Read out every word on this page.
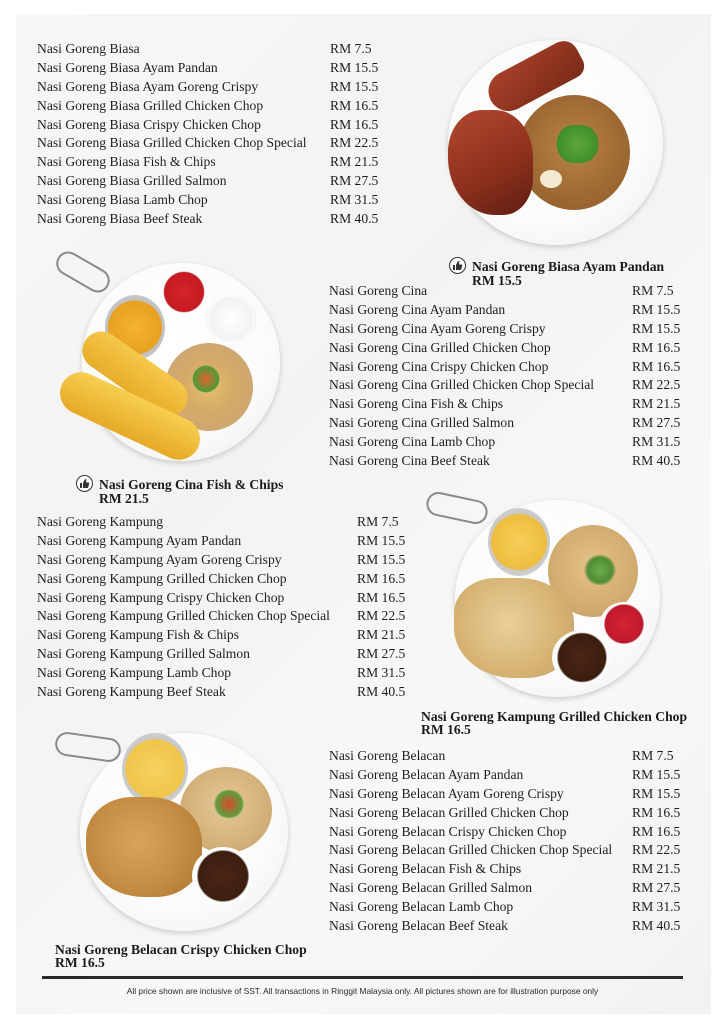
Nasi Goreng Biasa	RM 7.5
Nasi Goreng Biasa Ayam Pandan	RM 15.5
Nasi Goreng Biasa Ayam Goreng Crispy	RM 15.5
Nasi Goreng Biasa Grilled Chicken Chop	RM 16.5
Nasi Goreng Biasa Crispy Chicken Chop	RM 16.5
Nasi Goreng Biasa Grilled Chicken Chop Special RM 22.5
Nasi Goreng Biasa Fish & Chips	RM 21.5
Nasi Goreng Biasa Grilled Salmon	RM 27.5
Nasi Goreng Biasa Lamb Chop	RM 31.5
Nasi Goreng Biasa Beef Steak	RM 40.5
Nasi Goreng Biasa Ayam Pandan
RM 15.5
Nasi Goreng Cina Fish & Chips
RM 21.5
Nasi Goreng Cina	RM 7.5
Nasi Goreng Cina Ayam Pandan	RM 15.5
Nasi Goreng Cina Ayam Goreng Crispy	RM 15.5
Nasi Goreng Cina Grilled Chicken Chop	RM 16.5
Nasi Goreng Cina Crispy Chicken Chop	RM 16.5
Nasi Goreng Cina Grilled Chicken Chop Special	RM 22.5
Nasi Goreng Cina Fish & Chips	RM 21.5
Nasi Goreng Cina Grilled Salmon	RM 27.5
Nasi Goreng Cina Lamb Chop	RM 31.5
Nasi Goreng Cina Beef Steak	RM 40.5
Nasi Goreng Kampung	RM 7.5
Nasi Goreng Kampung Ayam Pandan	RM 15.5
Nasi Goreng Kampung Ayam Goreng Crispy	RM 15.5
Nasi Goreng Kampung Grilled Chicken Chop	RM 16.5
Nasi Goreng Kampung Crispy Chicken Chop	RM 16.5
Nasi Goreng Kampung Grilled Chicken Chop Special RM 22.5
Nasi Goreng Kampung Fish & Chips	RM 21.5
Nasi Goreng Kampung Grilled Salmon	RM 27.5
Nasi Goreng Kampung Lamb Chop	RM 31.5
Nasi Goreng Kampung Beef Steak	RM 40.5
Nasi Goreng Kampung Grilled Chicken Chop
RM 16.5
Nasi Goreng Belacan Crispy Chicken Chop
RM 16.5
Nasi Goreng Belacan	RM 7.5
Nasi Goreng Belacan Ayam Pandan	RM 15.5
Nasi Goreng Belacan Ayam Goreng Crispy	RM 15.5
Nasi Goreng Belacan Grilled Chicken Chop	RM 16.5
Nasi Goreng Belacan Crispy Chicken Chop	RM 16.5
Nasi Goreng Belacan Grilled Chicken Chop Special RM 22.5
Nasi Goreng Belacan Fish & Chips	RM 21.5
Nasi Goreng Belacan Grilled Salmon	RM 27.5
Nasi Goreng Belacan Lamb Chop	RM 31.5
Nasi Goreng Belacan Beef Steak	RM 40.5
All price shown are inclusive of SST. All transactions in Ringgit Malaysia only. All pictures shown are for illustration purpose only
